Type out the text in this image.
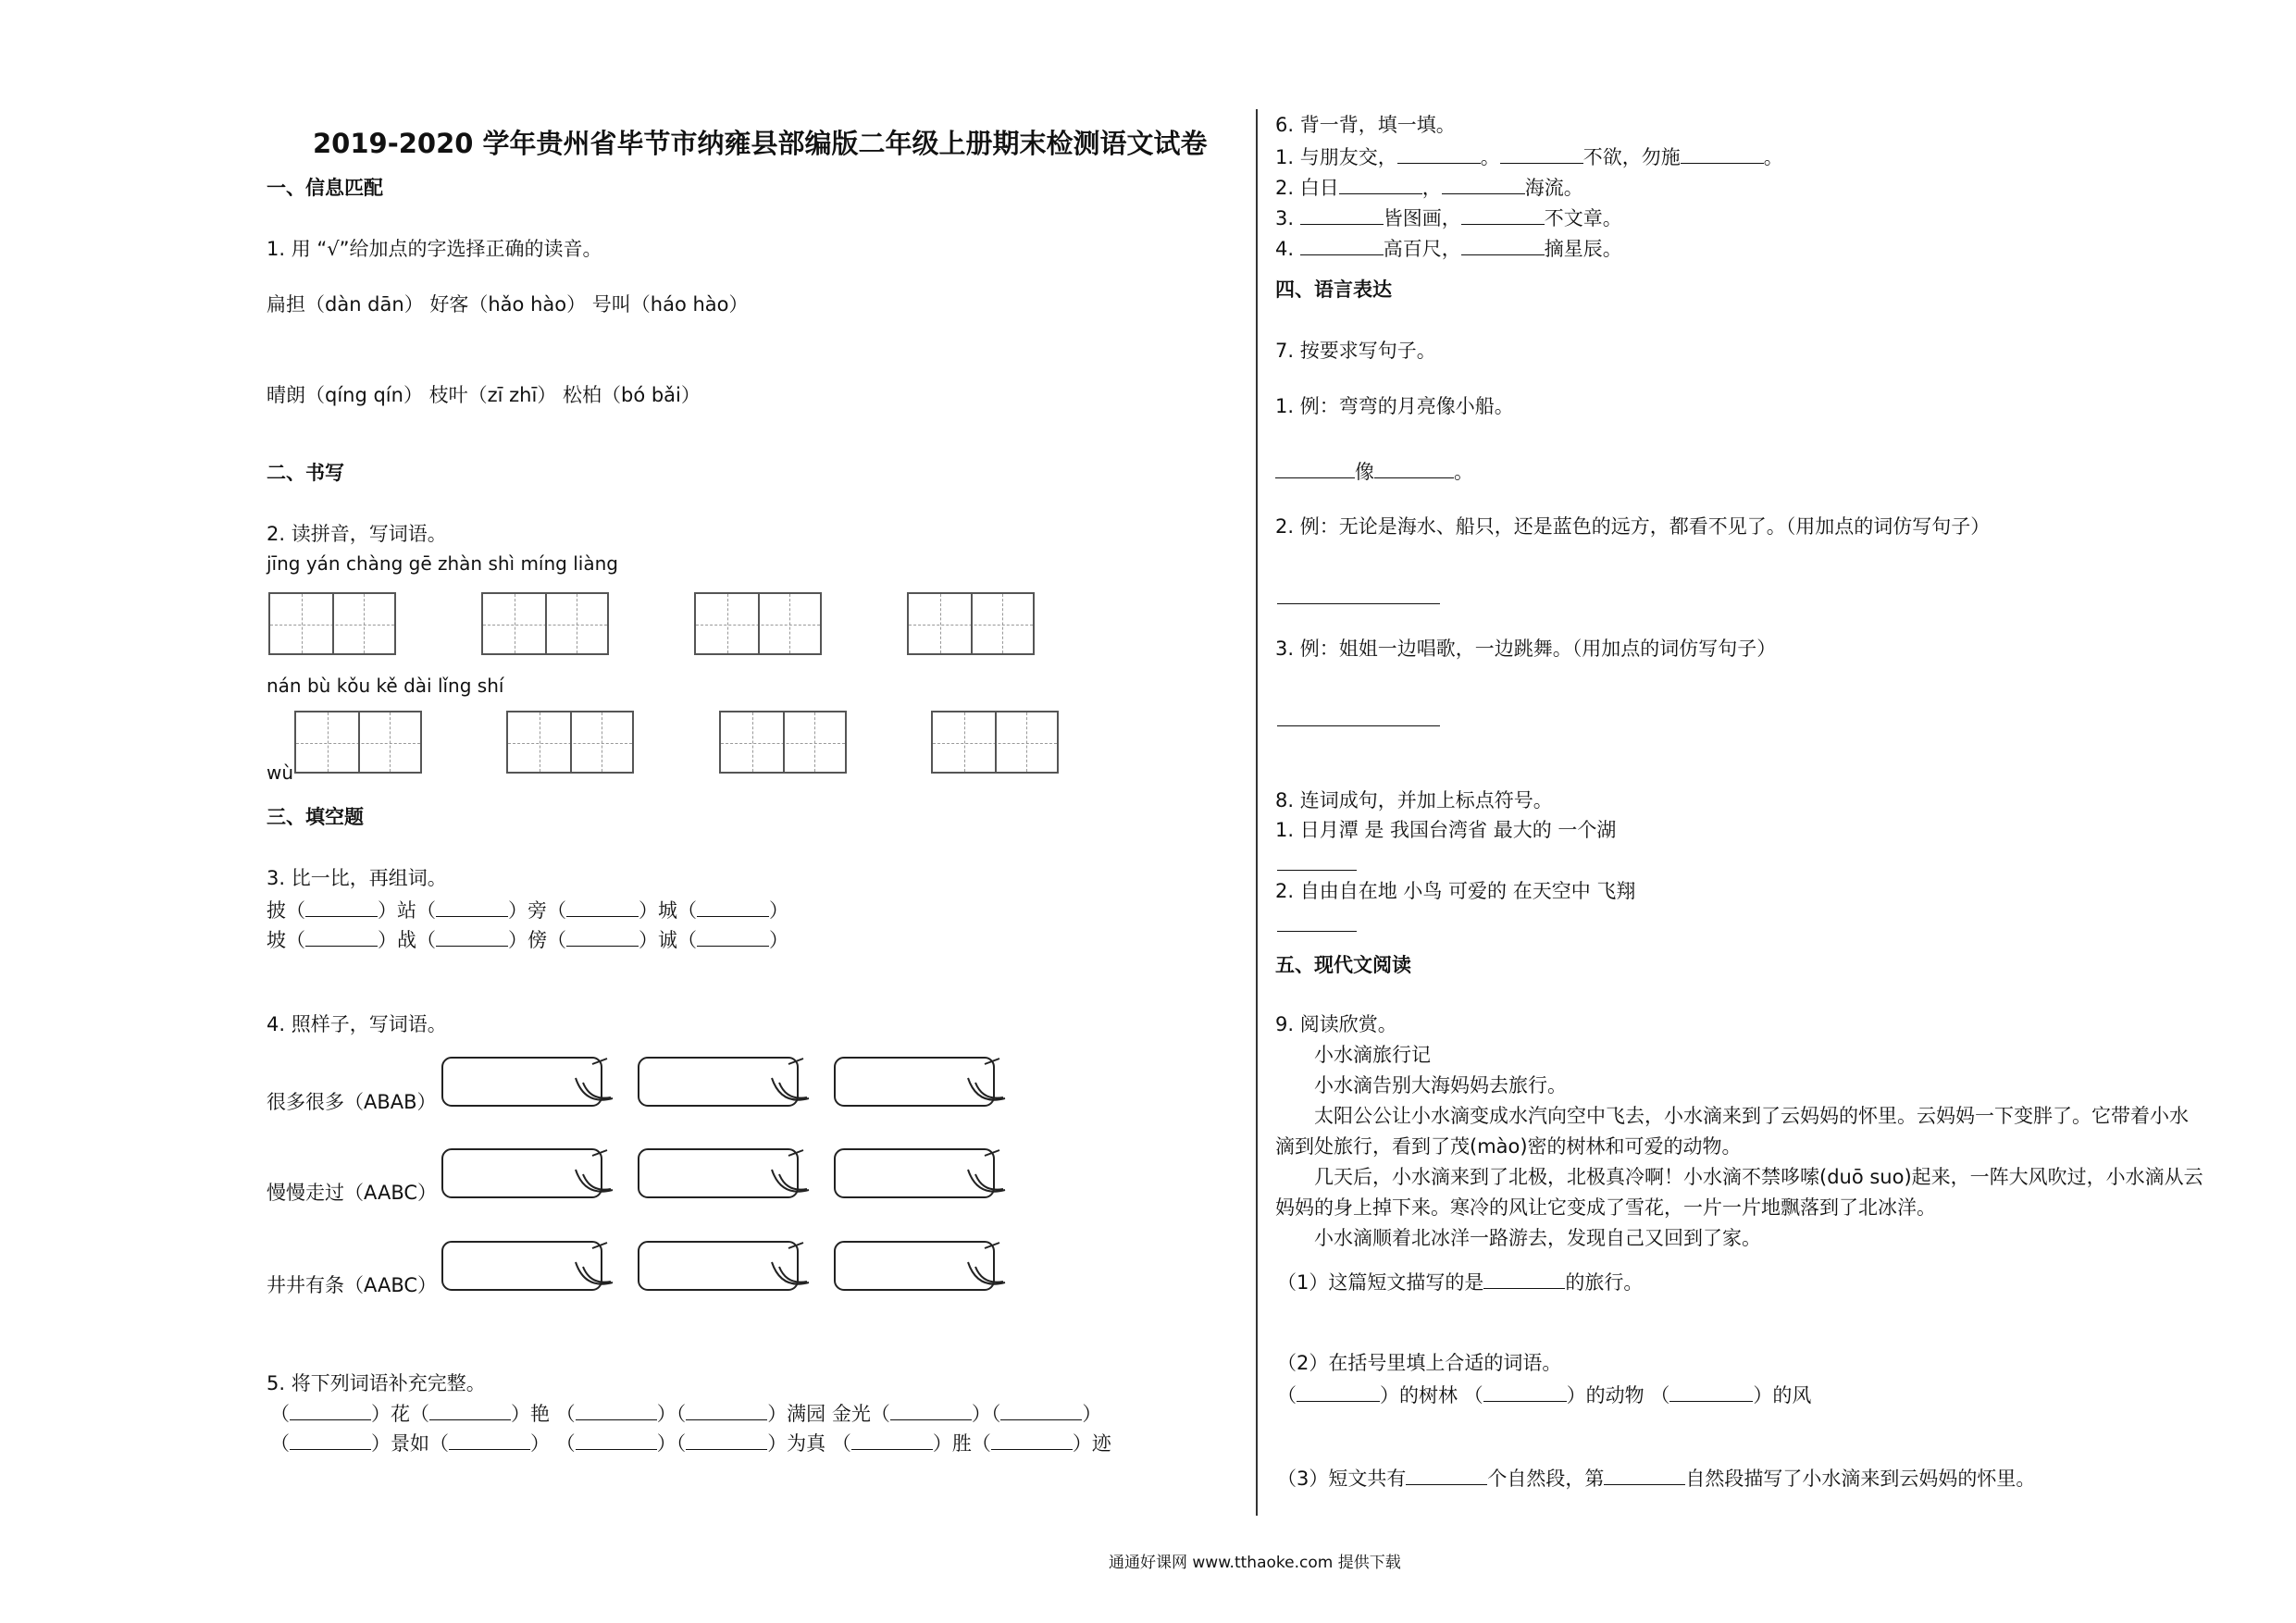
2019-2020 学年贵州省毕节市纳雍县部编版二年级上册期末检测语文试卷
一、信息匹配
1. 用 “√”给加点的字选择正确的读音。
扁担（dàn dān） 好客（hǎo hào） 号叫（háo hào）
晴朗（qíng qín） 枝叶（zī zhī） 松柏（bó bǎi）
二、书写
2. 读拼音，写词语。
jīng yán chàng gē zhàn shì míng liàng
nán bù kǒu kě dài lǐng shí
wù
三、填空题
3. 比一比，再组词。
披（	）站（	）旁（	）城（	）
坡（	）战（	）傍（	）诚（	）
4. 照样子，写词语。
很多很多（ABAB）
慢慢走过（AABC）
井井有条（AABC）
5. 将下列词语补充完整。
（	）花（	）艳 （	）（	）满园 金光（	）（	）
（	）景如（	） （	）（	）为真 （	）胜（	）迹
6. 背一背，填一填。
1. 与朋友交，	。	不欲，勿施	。
2. 白日	，	海流。
3.	皆图画，	不文章。
4.	高百尺，	摘星辰。
四、语言表达
7. 按要求写句子。
1. 例：弯弯的月亮像小船。
像	。
2. 例：无论是海水、船只，还是蓝色的远方，都看不见了。（用加点的词仿写句子）
3. 例：姐姐一边唱歌，一边跳舞。（用加点的词仿写句子）
8. 连词成句，并加上标点符号。
1. 日月潭 是 我国台湾省 最大的 一个湖
2. 自由自在地 小鸟 可爱的 在天空中 飞翔
五、现代文阅读
9. 阅读欣赏。
小水滴旅行记
小水滴告别大海妈妈去旅行。
太阳公公让小水滴变成水汽向空中飞去，小水滴来到了云妈妈的怀里。云妈妈一下变胖了。它带着小水
滴到处旅行，看到了茂(mào)密的树林和可爱的动物。
几天后，小水滴来到了北极，北极真冷啊！小水滴不禁哆嗦(duō suo)起来，一阵大风吹过，小水滴从云
妈妈的身上掉下来。寒冷的风让它变成了雪花，一片一片地飘落到了北冰洋。
小水滴顺着北冰洋一路游去，发现自己又回到了家。
（1）这篇短文描写的是	的旅行。
（2）在括号里填上合适的词语。
（	）的树林 （	）的动物 （	）的风
（3）短文共有	个自然段，第	自然段描写了小水滴来到云妈妈的怀里。
通通好课网 www.tthaoke.com 提供下载
